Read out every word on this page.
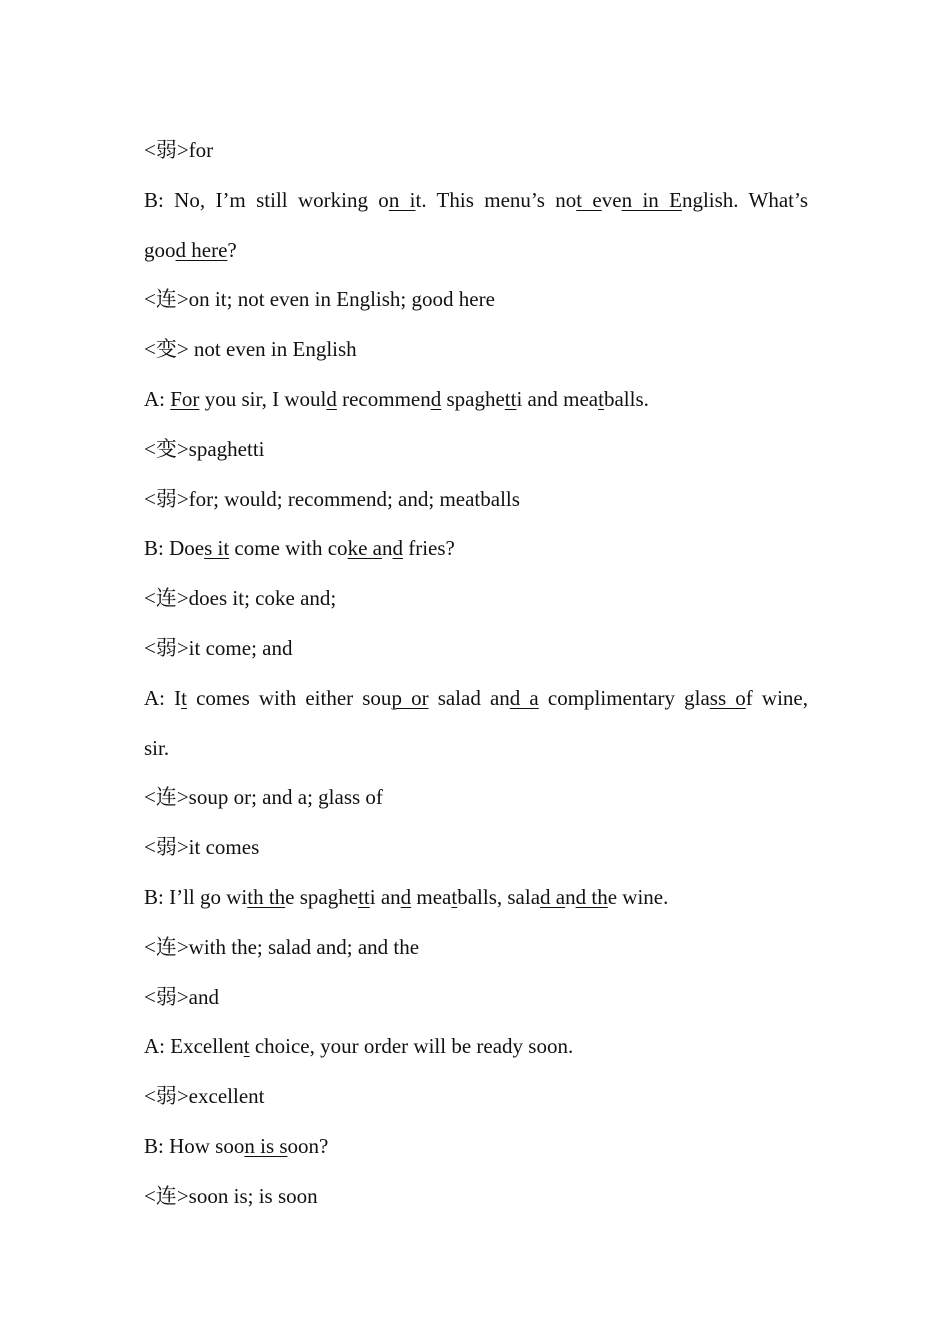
<弱>for
B: No, I’m still working on it. This menu’s not even in English. What’s
good here?
<连>on it; not even in English; good here
<变> not even in English
A: For you sir, I would recommend spaghetti and meatballs.
<变>spaghetti
<弱>for; would; recommend; and; meatballs
B: Does it come with coke and fries?
<连>does it; coke and;
<弱>it come; and
A: It comes with either soup or salad and a complimentary glass of wine,
sir.
<连>soup or; and a; glass of
<弱>it comes
B: I’ll go with the spaghetti and meatballs, salad and the wine.
<连>with the; salad and; and the
<弱>and
A: Excellent choice, your order will be ready soon.
<弱>excellent
B: How soon is soon?
<连>soon is; is soon
